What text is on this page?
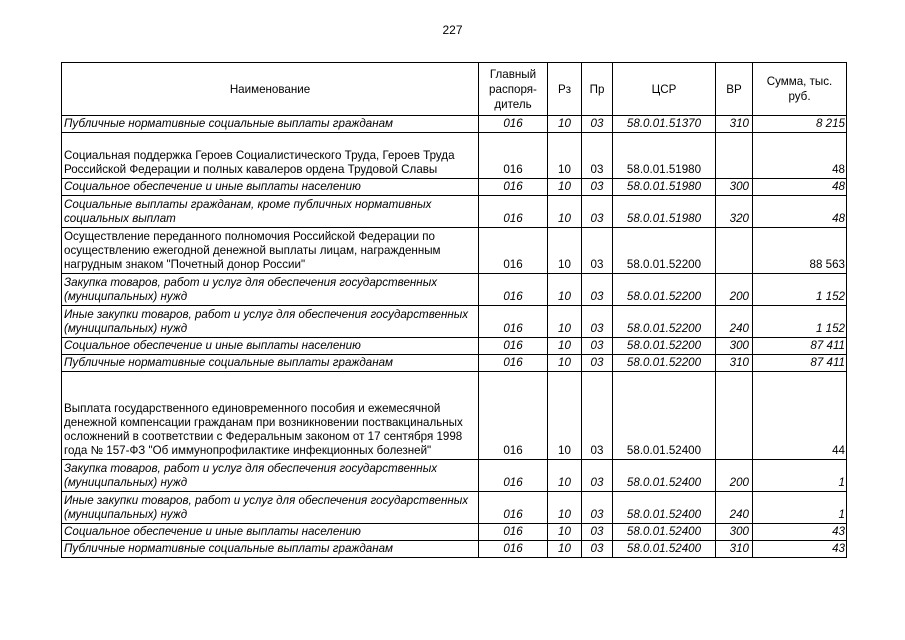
227
Наименование	Главный распоря-дитель	Рз	Пр	ЦСР	ВР	Сумма, тыс. руб.
Публичные нормативные социальные выплаты гражданам	016	10	03	58.0.01.51370	310	8 215
Социальная поддержка Героев Социалистического Труда, Героев Труда Российской Федерации и полных кавалеров ордена Трудовой Славы	016	10	03	58.0.01.51980		48
Социальное обеспечение и иные выплаты населению	016	10	03	58.0.01.51980	300	48
Социальные выплаты гражданам, кроме публичных нормативных социальных выплат	016	10	03	58.0.01.51980	320	48
Осуществление переданного полномочия Российской Федерации по осуществлению ежегодной денежной выплаты лицам, награжденным нагрудным знаком "Почетный донор России"	016	10	03	58.0.01.52200		88 563
Закупка товаров, работ и услуг для обеспечения государственных (муниципальных) нужд	016	10	03	58.0.01.52200	200	1 152
Иные закупки товаров, работ и услуг для обеспечения государственных (муниципальных) нужд	016	10	03	58.0.01.52200	240	1 152
Социальное обеспечение и иные выплаты населению	016	10	03	58.0.01.52200	300	87 411
Публичные нормативные социальные выплаты гражданам	016	10	03	58.0.01.52200	310	87 411
Выплата государственного единовременного пособия и ежемесячной денежной компенсации гражданам при возникновении поствакцинальных осложнений в соответствии с Федеральным законом от 17 сентября 1998 года № 157-ФЗ "Об иммунопрофилактике инфекционных болезней"	016	10	03	58.0.01.52400		44
Закупка товаров, работ и услуг для обеспечения государственных (муниципальных) нужд	016	10	03	58.0.01.52400	200	1
Иные закупки товаров, работ и услуг для обеспечения государственных (муниципальных) нужд	016	10	03	58.0.01.52400	240	1
Социальное обеспечение и иные выплаты населению	016	10	03	58.0.01.52400	300	43
Публичные нормативные социальные выплаты гражданам	016	10	03	58.0.01.52400	310	43
